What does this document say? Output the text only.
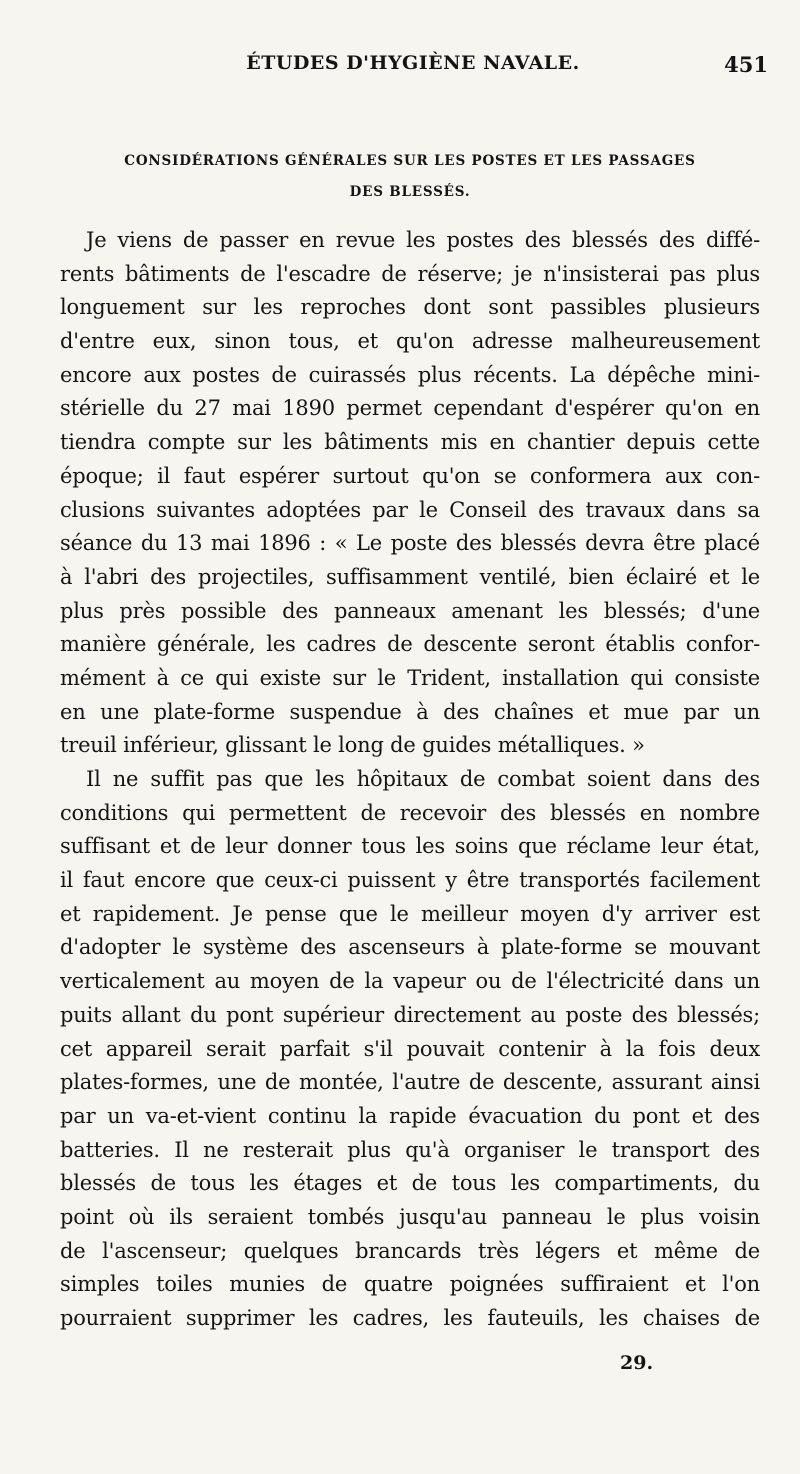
ÉTUDES D'HYGIÈNE NAVALE.	451
CONSIDÉRATIONS GÉNÉRALES SUR LES POSTES ET LES PASSAGES
DES BLESSÉS.
Je viens de passer en revue les postes des blessés des diffé-
rents bâtiments de l'escadre de réserve; je n'insisterai pas plus
longuement sur les reproches dont sont passibles plusieurs
d'entre eux, sinon tous, et qu'on adresse malheureusement
encore aux postes de cuirassés plus récents. La dépêche mini-
stérielle du 27 mai 1890 permet cependant d'espérer qu'on en
tiendra compte sur les bâtiments mis en chantier depuis cette
époque; il faut espérer surtout qu'on se conformera aux con-
clusions suivantes adoptées par le Conseil des travaux dans sa
séance du 13 mai 1896 : « Le poste des blessés devra être placé
à l'abri des projectiles, suffisamment ventilé, bien éclairé et le
plus près possible des panneaux amenant les blessés; d'une
manière générale, les cadres de descente seront établis confor-
mément à ce qui existe sur le Trident, installation qui consiste
en une plate-forme suspendue à des chaînes et mue par un
treuil inférieur, glissant le long de guides métalliques. »
Il ne suffit pas que les hôpitaux de combat soient dans des
conditions qui permettent de recevoir des blessés en nombre
suffisant et de leur donner tous les soins que réclame leur état,
il faut encore que ceux-ci puissent y être transportés facilement
et rapidement. Je pense que le meilleur moyen d'y arriver est
d'adopter le système des ascenseurs à plate-forme se mouvant
verticalement au moyen de la vapeur ou de l'électricité dans un
puits allant du pont supérieur directement au poste des blessés;
cet appareil serait parfait s'il pouvait contenir à la fois deux
plates-formes, une de montée, l'autre de descente, assurant ainsi
par un va-et-vient continu la rapide évacuation du pont et des
batteries. Il ne resterait plus qu'à organiser le transport des
blessés de tous les étages et de tous les compartiments, du
point où ils seraient tombés jusqu'au panneau le plus voisin
de l'ascenseur; quelques brancards très légers et même de
simples toiles munies de quatre poignées suffiraient et l'on
pourraient supprimer les cadres, les fauteuils, les chaises de
29.
